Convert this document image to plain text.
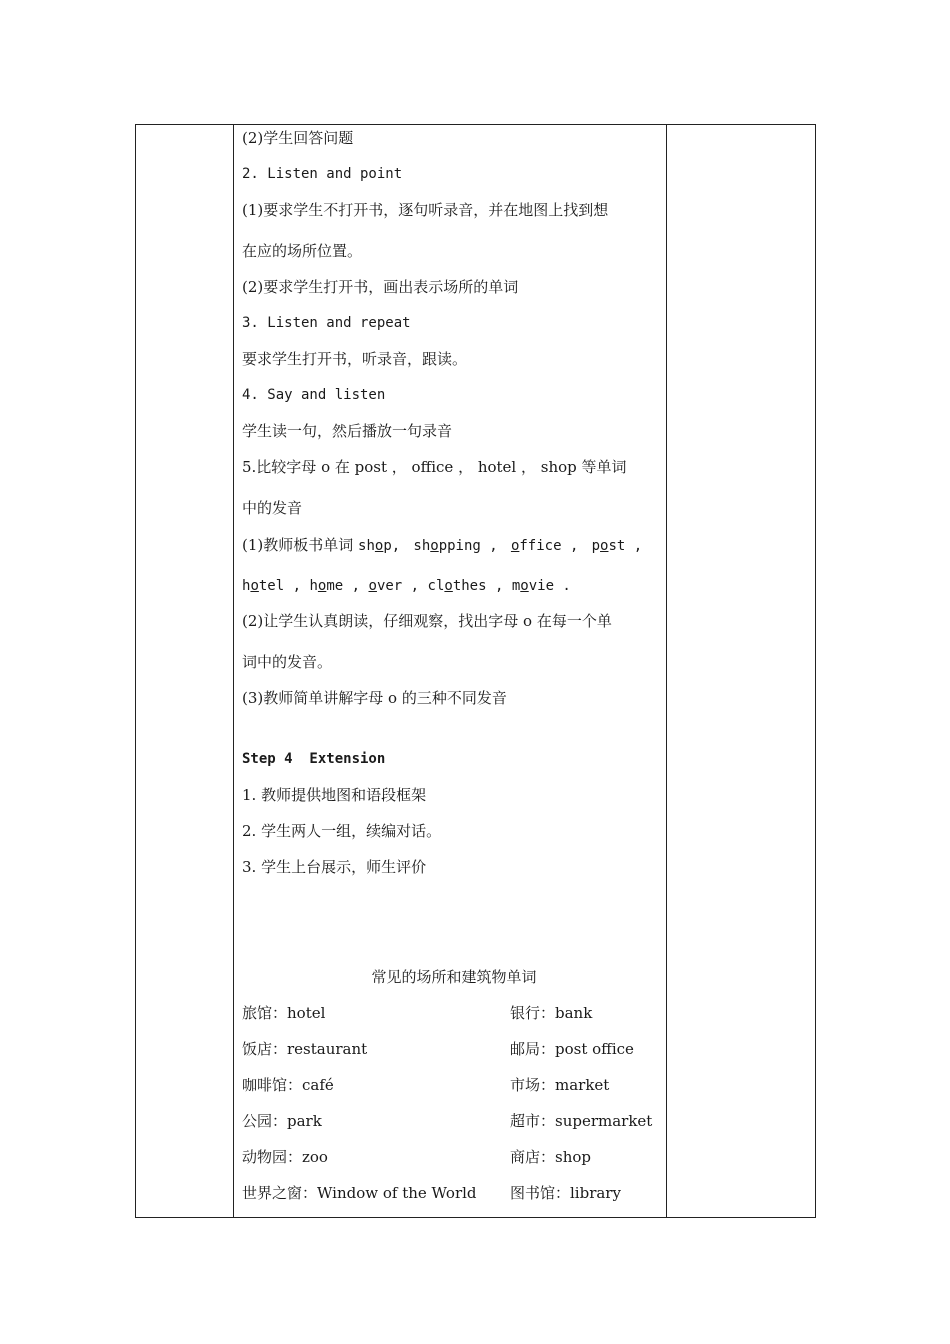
(2)学生回答问题
2. Listen and point
(1)要求学生不打开书，逐句听录音，并在地图上找到想
在应的场所位置。
(2)要求学生打开书，画出表示场所的单词
3. Listen and repeat
要求学生打开书，听录音，跟读。
4. Say and listen
学生读一句，然后播放一句录音
5.比较字母 o 在 post ， office ， hotel ， shop 等单词
中的发音
(1)教师板书单词 shop, shopping , office , post ,
hotel , home , over , clothes , movie .
(2)让学生认真朗读，仔细观察，找出字母 o 在每一个单
词中的发音。
(3)教师简单讲解字母 o 的三种不同发音
Step 4  Extension
1. 教师提供地图和语段框架
2. 学生两人一组，续编对话。
3. 学生上台展示，师生评价
常见的场所和建筑物单词
旅馆：hotel	银行：bank
饭店：restaurant	邮局：post office
咖啡馆：café	市场：market
公园：park	超市：supermarket
动物园：zoo	商店：shop
世界之窗：Window of the World 图书馆：library
